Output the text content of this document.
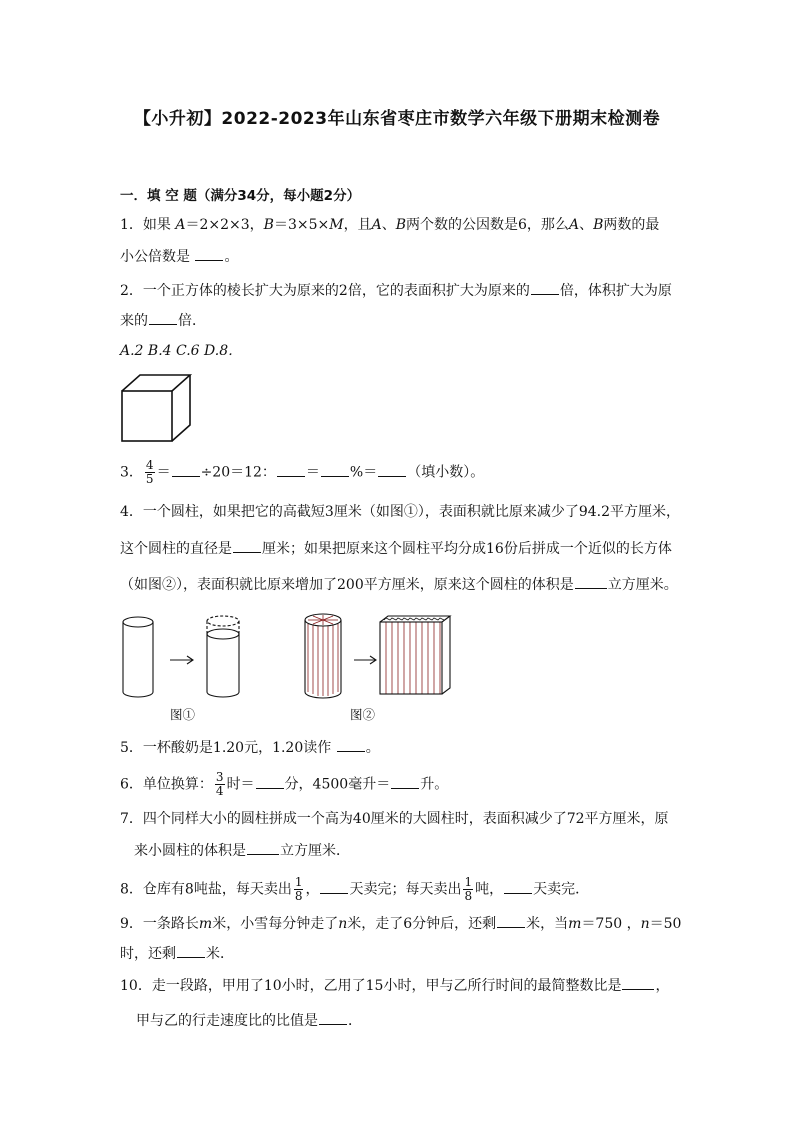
【小升初】2022-2023年山东省枣庄市数学六年级下册期末检测卷
一．填 空 题（满分34分，每小题2分）
1．如果 A＝2×2×3，B＝3×5×M，且A、B两个数的公因数是6，那么A、B两数的最
小公倍数是 。
2．一个正方体的棱长扩大为原来的2倍，它的表面积扩大为原来的 倍，体积扩大为原
来的 倍．
A.2 B.4 C.6 D.8．
3． $\frac{4}{5} = \div 20=12$： ＝ %＝ （填小数）。
4．一个圆柱，如果把它的高截短3厘米（如图①），表面积就比原来减少了94.2平方厘米，
这个圆柱的直径是 厘米；如果把原来这个圆柱平均分成16份后拼成一个近似的长方体
（如图②），表面积就比原来增加了200平方厘米，原来这个圆柱的体积是 立方厘米。
图①	图②
5．一杯酸奶是1.20元，1.20读作 。
6．单位换算： $\frac{3}{4}$ 时＝ 分，4500毫升＝ 升。
7．四个同样大小的圆柱拼成一个高为40厘米的大圆柱时，表面积减少了72平方厘米，原
来小圆柱的体积是 立方厘米．
8．仓库有8吨盐，每天卖出 $\frac{1}{8}$ ， 天卖完；每天卖出 $\frac{1}{8}$ 吨， 天卖完．
9．一条路长m米，小雪每分钟走了n米，走了6分钟后，还剩 米，当m＝750 ，n＝50
时，还剩 米．
10．走一段路，甲用了10小时，乙用了15小时，甲与乙所行时间的最简整数比是 ，
甲与乙的行走速度比的比值是 ．
